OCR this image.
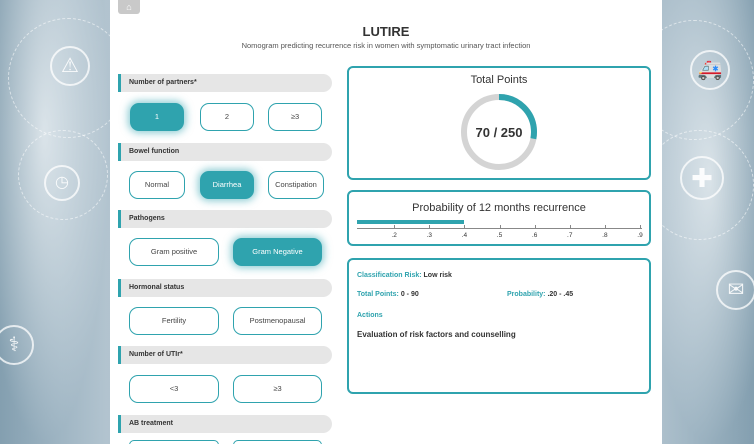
⚠
◷
⚕
🚑
✚
✉
⌂
LUTIRE
Nomogram predicting recurrence risk in women with symptomatic urinary tract infection
Number of partners*
1	2	≥3
Bowel function
Normal	Diarrhea	Constipation
Pathogens
Gram positive	Gram Negative
Hormonal status
Fertility	Postmenopausal
Number of UTIr*
<3	≥3
AB treatment
Total Points
70 / 250
Probability of 12 months recurrence
.2	.3	.4	.5	.6	.7	.8	.9
Classification Risk: Low risk
Total Points: 0 - 90	Probability: .20 - .45
Actions
Evaluation of risk factors and counselling
